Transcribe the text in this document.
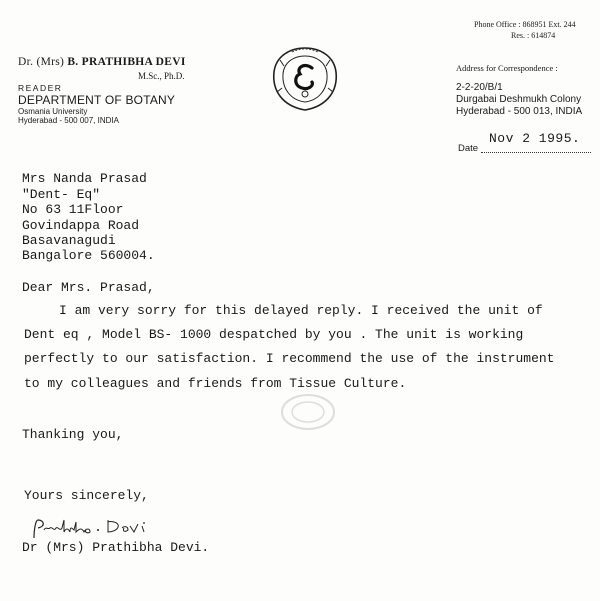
Dr. (Mrs) B. PRATHIBHA DEVI
M.Sc., Ph.D.
READER
DEPARTMENT OF BOTANY
Osmania University
Hyderabad - 500 007, INDIA
Phone Office : 868951 Ext. 244
Res. : 614874
Address for Correspondence :
2-2-20/B/1
Durgabai Deshmukh Colony
Hyderabad - 500 013, INDIA
Nov 2 1995.
Date
Mrs Nanda Prasad
"Dent- Eq"
No 63 11Floor
Govindappa Road
Basavanagudi
Bangalore 560004.
Dear Mrs. Prasad,
I am very sorry for this delayed reply. I received the unit of
Dent eq , Model BS- 1000 despatched by you . The unit is working
perfectly to our satisfaction. I recommend the use of the instrument
to my colleagues and friends from Tissue Culture.
Thanking you,
Yours sincerely,
Dr (Mrs) Prathibha Devi.
